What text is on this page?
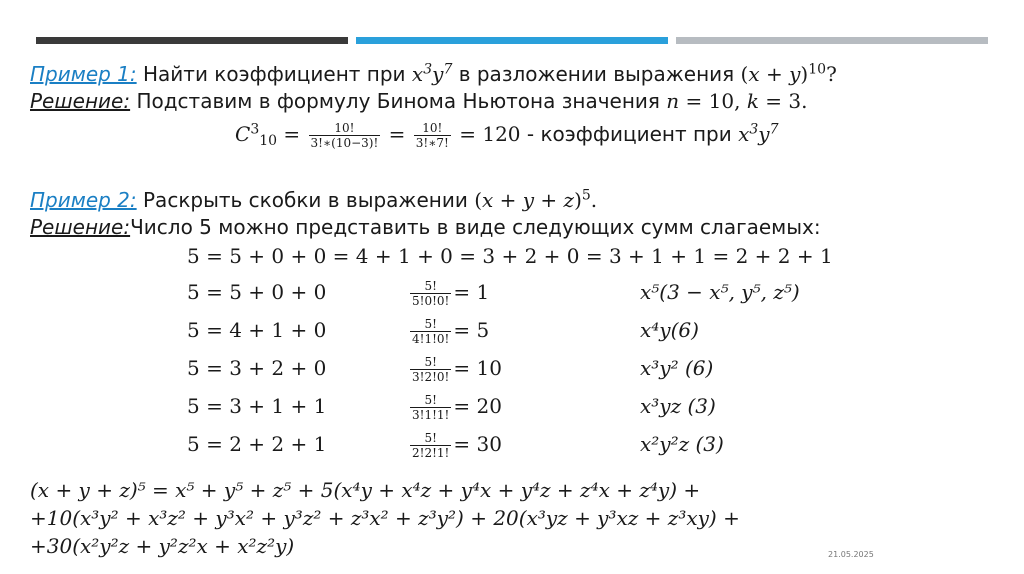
Пример 1: Найти коэффициент при $x^3y^7$ в разложении выражения $(x + y)^{10}$?
Решение: Подставим в формулу Бинома Ньютона значения n = 10, k = 3.
$C^3_{10} = \frac{10!}{3!∗(10-3)!} = \frac{10!}{3!∗7!} = 120$ - коэффициент при $x^3y^7$
Пример 2: Раскрыть скобки в выражении $(x + y + z)^5$.
Решение:Число 5 можно представить в виде следующих сумм слагаемых:
5 = 5 + 0 + 0 = 4 + 1 + 0 = 3 + 2 + 0 = 3 + 1 + 1 = 2 + 2 + 1
5 = 5 + 0 + 0	$\frac{5!}{5!0!0!} = 1$	x⁵(3 − x⁵, y⁵, z⁵)
5 = 4 + 1 + 0	$\frac{5!}{4!1!0!} = 5$	x⁴y(6)
5 = 3 + 2 + 0	$\frac{5!}{3!2!0!} = 10$	x³y² (6)
5 = 3 + 1 + 1	$\frac{5!}{3!1!1!} = 20$	x³yz (3)
5 = 2 + 2 + 1	$\frac{5!}{2!2!1!} = 30$	x²y²z (3)
(x + y + z)⁵ = x⁵ + y⁵ + z⁵ + 5(x⁴y + x⁴z + y⁴x + y⁴z + z⁴x + z⁴y) +
+10(x³y² + x³z² + y³x² + y³z² + z³x² + z³y²) + 20(x³yz + y³xz + z³xy) +
+30(x²y²z + y²z²x + x²z²y)	21.05.2025
